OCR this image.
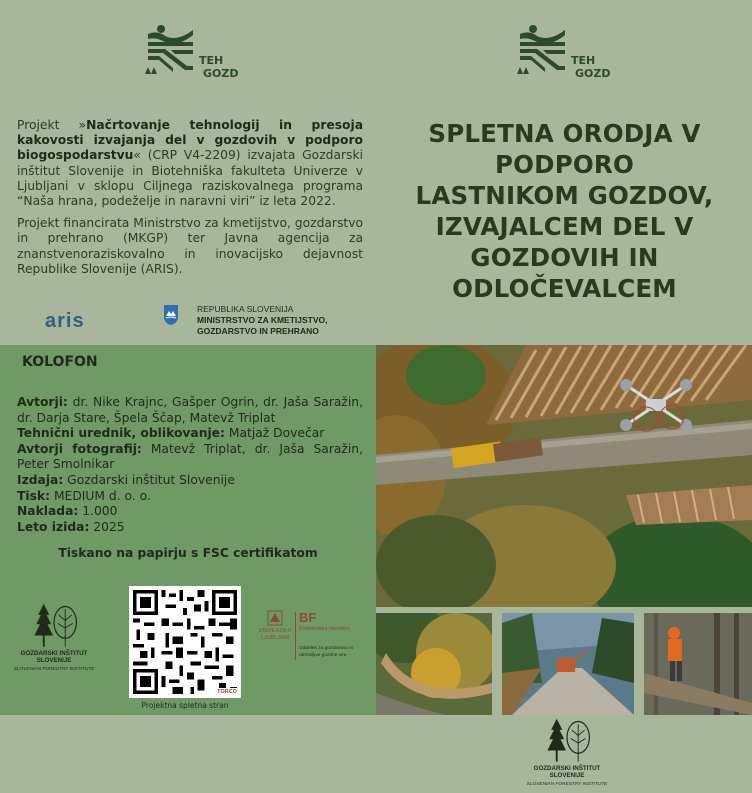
TEH
GOZD
TEH
GOZD

Projekt »Načrtovanje tehnologij in presoja kakovosti izvajanja del v gozdovih v podporo biogospodarstvu« (CRP V4-2209) izvajata Gozdarski inštitut Slovenije in Biotehniška fakulteta Univerze v Ljubljani v sklopu Ciljnega raziskovalnega programa “Naša hrana, podeželje in naravni viri” iz leta 2022.

Projekt financirata Ministrstvo za kmetijstvo, gozdarstvo in prehrano (MKGP) ter Javna agencija za znanstvenoraziskovalno in inovacijsko dejavnost Republike Slovenije (ARIS).

aris
REPUBLIKA SLOVENIJA
MINISTRSTVO ZA KMETIJSTVO,
GOZDARSTVO IN PREHRANO
SPLETNA ORODJA V
PODPORO
LASTNIKOM GOZDOV,
IZVAJALCEM DEL V
GOZDOVIH IN
ODLOČEVALCEM
KOLOFON
Avtorji: dr. Nike Krajnc, Gašper Ogrin, dr. Jaša Saražin, dr. Darja Stare, Špela Ščap, Matevž Triplat
Tehnični urednik, oblikovanje: Matjaž Dovečar
Avtorji fotografij: Matevž Triplat, dr. Jaša Saražin, Peter Smolnikar
Izdaja: Gozdarski inštitut Slovenije
Tisk: MEDIUM d. o. o.
Naklada: 1.000
Leto izida: 2025
Tiskano na papirju s FSC certifikatom
GOZDARSKI INŠTITUT SLOVENIJE
SLOVENIAN FORESTRY INSTITUTE
TORCO
Projektna spletna stran
UNIVERZA V LJUBLJANI
BF
Biotehniška fakulteta
Oddelek za gozdarstvo in obnovljive gozdne vire
GOZDARSKI INŠTITUT SLOVENIJE
SLOVENIAN FORESTRY INSTITUTE
